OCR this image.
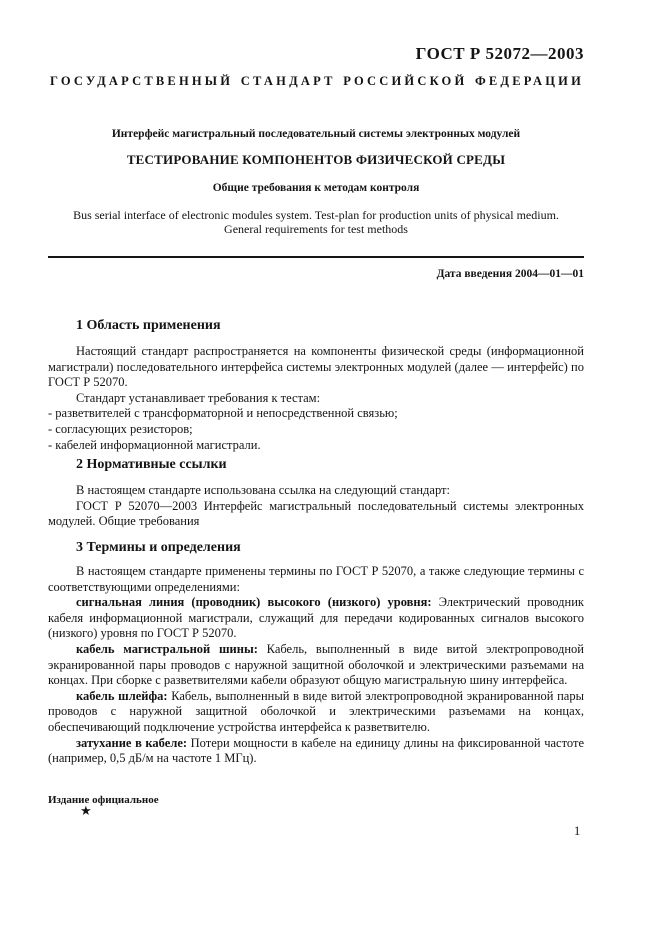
ГОСТ Р 52072—2003
ГОСУДАРСТВЕННЫЙ СТАНДАРТ РОССИЙСКОЙ ФЕДЕРАЦИИ
Интерфейс магистральный последовательный системы электронных модулей
ТЕСТИРОВАНИЕ КОМПОНЕНТОВ ФИЗИЧЕСКОЙ СРЕДЫ
Общие требования к методам контроля
Bus serial interface of electronic modules system. Test-plan for production units of physical medium.
General requirements for test methods
Дата введения 2004—01—01
1 Область применения

Настоящий стандарт распространяется на компоненты физической среды (информационной магистрали) последовательного интерфейса системы электронных модулей (далее — интерфейс) по ГОСТ Р 52070.

Стандарт устанавливает требования к тестам:

- разветвителей с трансформаторной и непосредственной связью;

- согласующих резисторов;

- кабелей информационной магистрали.

2 Нормативные ссылки

В настоящем стандарте использована ссылка на следующий стандарт:

ГОСТ Р 52070—2003 Интерфейс магистральный последовательный системы электронных модулей. Общие требования

3 Термины и определения

В настоящем стандарте применены термины по ГОСТ Р 52070, а также следующие термины с соответствующими определениями:

сигнальная линия (проводник) высокого (низкого) уровня: Электрический проводник кабеля информационной магистрали, служащий для передачи кодированных сигналов высокого (низкого) уровня по ГОСТ Р 52070.

кабель магистральной шины: Кабель, выполненный в виде витой электропроводной экранированной пары проводов с наружной защитной оболочкой и электрическими разъемами на концах. При сборке с разветвителями кабели образуют общую магистральную шину интерфейса.

кабель шлейфа: Кабель, выполненный в виде витой электропроводной экранированной пары проводов с наружной защитной оболочкой и электрическими разъемами на концах, обеспечивающий подключение устройства интерфейса к разветвителю.

затухание в кабеле: Потери мощности в кабеле на единицу длины на фиксированной частоте (например, 0,5 дБ/м на частоте 1 МГц).

Издание официальное
★
1
